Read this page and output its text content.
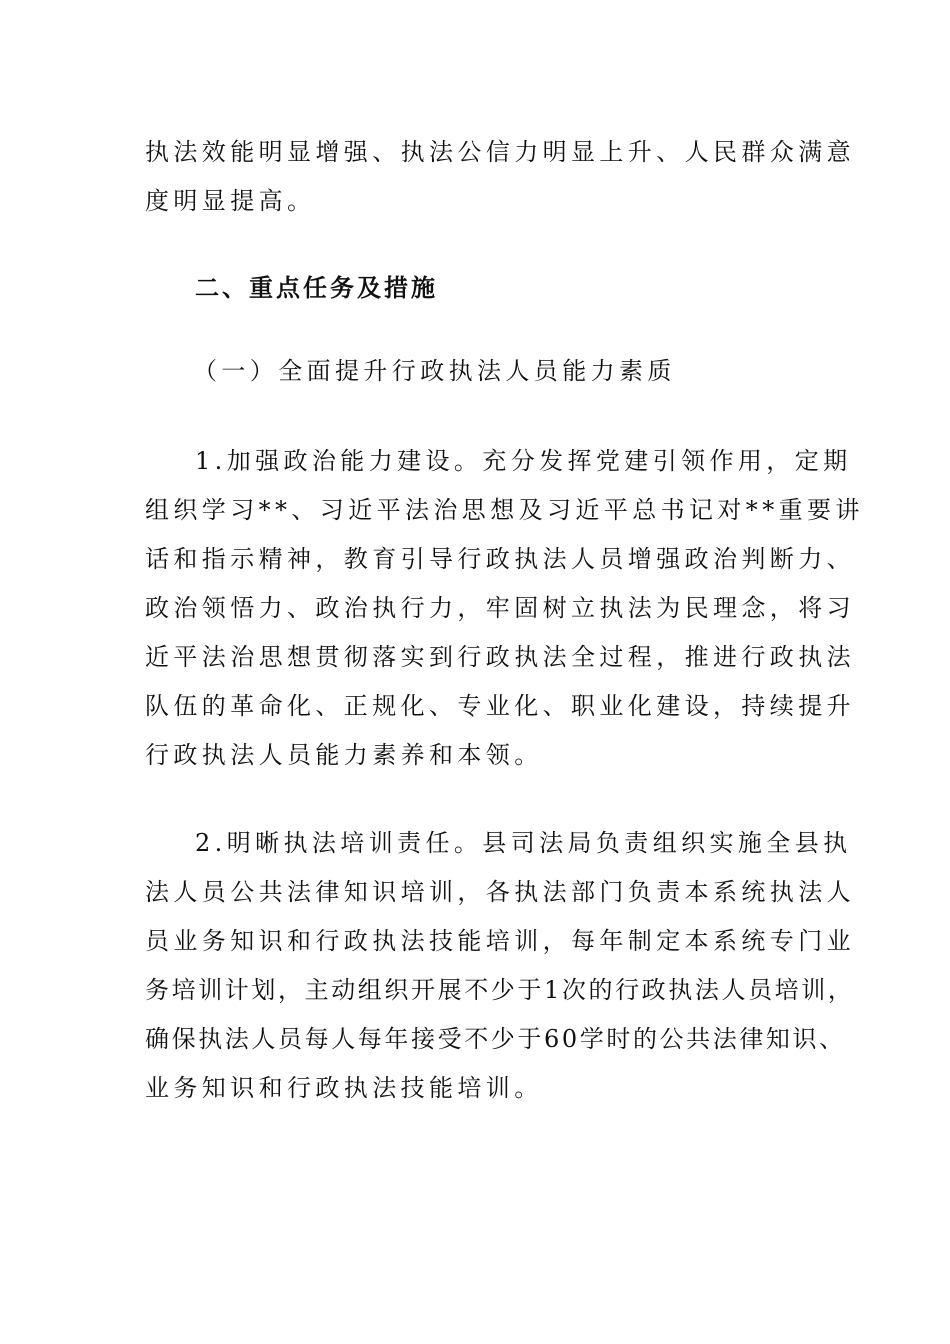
执法效能明显增强、执法公信力明显上升、人民群众满意
度明显提高。
二、重点任务及措施
（一）全面提升行政执法人员能力素质
1.加强政治能力建设。充分发挥党建引领作用，定期
组织学习**、习近平法治思想及习近平总书记对**重要讲
话和指示精神，教育引导行政执法人员增强政治判断力、
政治领悟力、政治执行力，牢固树立执法为民理念，将习
近平法治思想贯彻落实到行政执法全过程，推进行政执法
队伍的革命化、正规化、专业化、职业化建设，持续提升
行政执法人员能力素养和本领。
2.明晰执法培训责任。县司法局负责组织实施全县执
法人员公共法律知识培训，各执法部门负责本系统执法人
员业务知识和行政执法技能培训，每年制定本系统专门业
务培训计划，主动组织开展不少于1次的行政执法人员培训，
确保执法人员每人每年接受不少于60学时的公共法律知识、
业务知识和行政执法技能培训。
